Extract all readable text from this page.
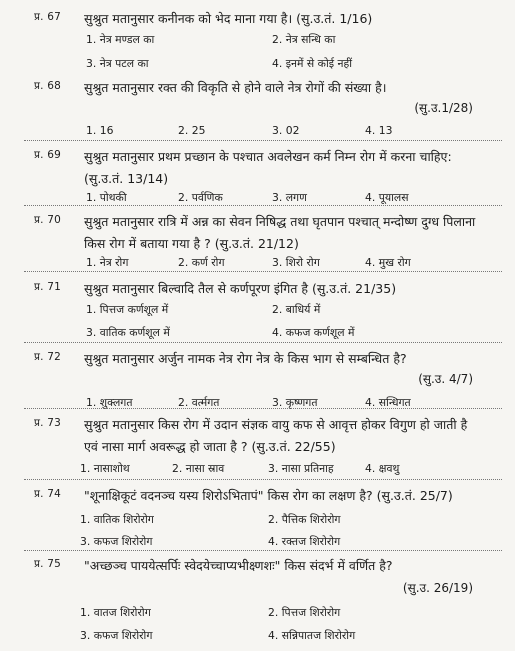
प्र. 67 सुश्रुत मतानुसार कनीनक को भेद माना गया है। (सु.उ.तं. 1/16)
1. नेत्र मण्डल का	2. नेत्र सन्धि का
3. नेत्र पटल का	4. इनमें से कोई नहीं
प्र. 68 सुश्रुत मतानुसार रक्त की विकृति से होने वाले नेत्र रोगों की संख्या है।
(सु.उ.1/28)
1. 16	2. 25	3. 02	4. 13
प्र. 69 सुश्रुत मतानुसार प्रथम प्रच्छान के पश्चात अवलेखन कर्म निम्न रोग में करना चाहिए: (सु.उ.तं. 13/14)
1. पोथकी	2. पर्वणिक	3. लगण	4. पूयालस
प्र. 70 सुश्रुत मतानुसार रात्रि में अन्न का सेवन निषिद्ध तथा घृतपान पश्चात् मन्दोष्ण दुग्ध पिलाना किस रोग में बताया गया है ? (सु.उ.तं. 21/12)
1. नेत्र रोग	2. कर्ण रोग	3. शिरो रोग	4. मुख रोग
प्र. 71 सुश्रुत मतानुसार बिल्वादि तैल से कर्णपूरण इंगित है (सु.उ.तं. 21/35)
1. पित्तज कर्णशूल में	2. बाधिर्य में
3. वातिक कर्णशूल में	4. कफज कर्णशूल में
प्र. 72 सुश्रुत मतानुसार अर्जुन नामक नेत्र रोग नेत्र के किस भाग से सम्बन्धित है?
(सु.उ. 4/7)
1. शुक्लगत	2. वर्त्मगत	3. कृष्णगत	4. सन्धिगत
प्र. 73 सुश्रुत मतानुसार किस रोग में उदान संज्ञक वायु कफ से आवृत्त होकर विगुण हो जाती है एवं नासा मार्ग अवरूद्ध हो जाता है ? (सु.उ.तं. 22/55)
1. नासाशोथ	2. नासा स्राव	3. नासा प्रतिनाह	4. क्षवथु
प्र. 74 "शूनाक्षिकूटं वदनञ्च यस्य शिरोऽभितापं" किस रोग का लक्षण है? (सु.उ.तं. 25/7)
1. वातिक शिरोरोग	2. पैत्तिक शिरोरोग
3. कफज शिरोरोग	4. रक्तज शिरोरोग
प्र. 75 "अच्छञ्च पाययेत्सर्पिः स्वेदयेच्चाप्यभीक्ष्णशः" किस संदर्भ में वर्णित है?
(सु.उ. 26/19)
1. वातज शिरोरोग	2. पित्तज शिरोरोग
3. कफज शिरोरोग	4. सन्निपातज शिरोरोग
